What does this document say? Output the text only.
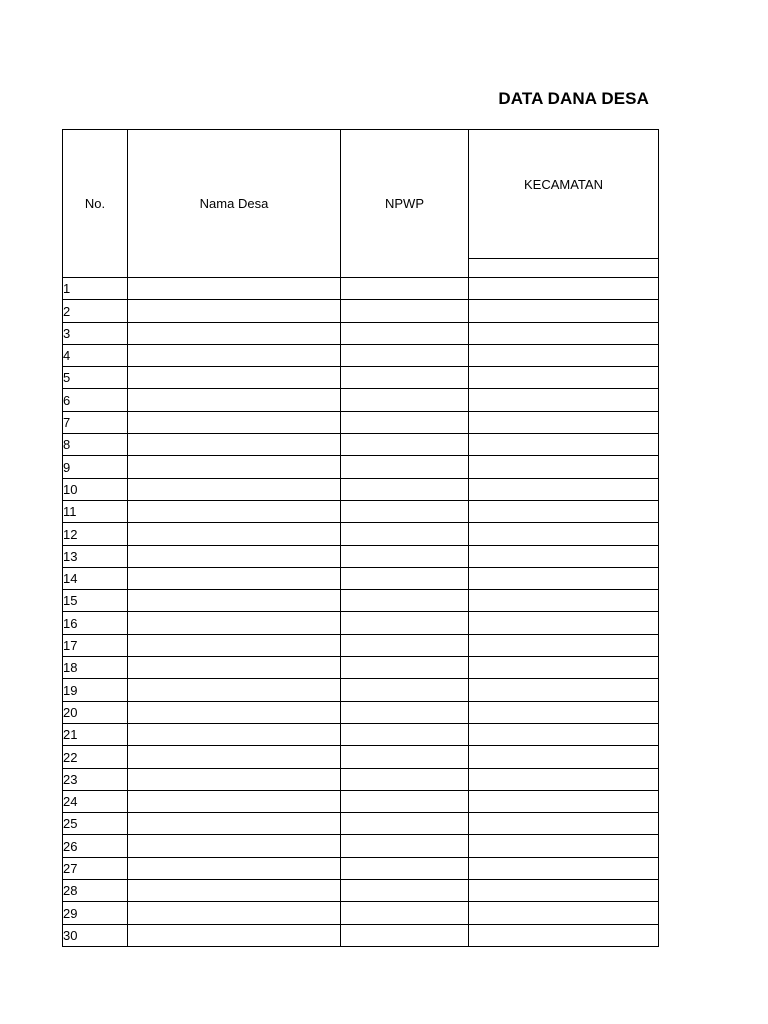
DATA DANA DESA
No.	Nama Desa	NPWP	KECAMATAN

1			
2			
3			
4			
5			
6			
7			
8			
9			
10			
11			
12			
13			
14			
15			
16			
17			
18			
19			
20			
21			
22			
23			
24			
25			
26			
27			
28			
29			
30			
